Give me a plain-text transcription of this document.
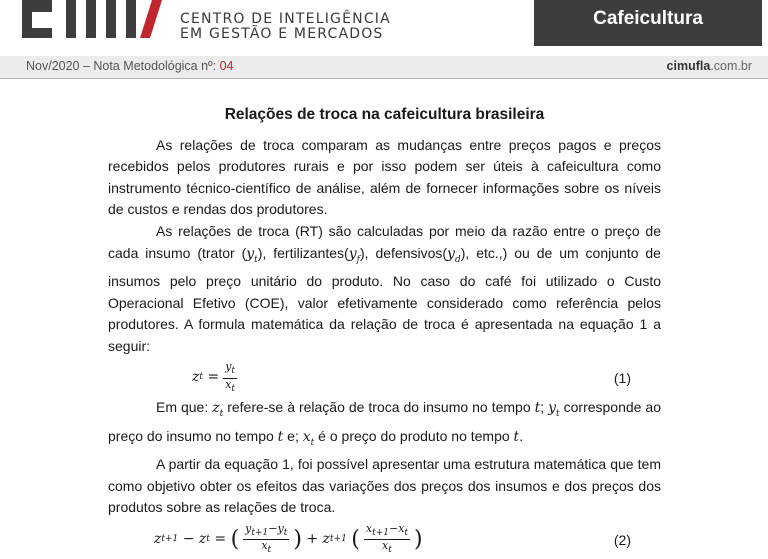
CENTRO DE INTELIGÊNCIA
EM GESTÃO E MERCADOS
Cafeicultura
Nov/2020 – Nota Metodológica nº: 04	cimufla.com.br
Relações de troca na cafeicultura brasileira

As relações de troca comparam as mudanças entre preços pagos e preços recebidos pelos produtores rurais e por isso podem ser úteis à cafeicultura como instrumento técnico-científico de análise, além de fornecer informações sobre os níveis de custos e rendas dos produtores.

As relações de troca (RT) são calculadas por meio da razão entre o preço de cada insumo (trator $(y_t)$, $fertilizantes(y_f)$, $defensivos(y_d)$, etc.,) ou de um conjunto de insumos pelo preço unitário do produto. No caso do café foi utilizado o Custo Operacional Efetivo (COE), valor efetivamente considerado como referência pelos produtores. A formula matemática da relação de troca é apresentada na equação 1 a seguir:

z $t = \frac{y_t}{x_t}$	(1)

Em que: $z_t$ refere-se à relação de troca do insumo no tempo t; $y_t$ corresponde ao preço do insumo no tempo t e; $x_t$ é o preço do produto no tempo t.

A partir da equação 1, foi possível apresentar uma estrutura matemática que tem como objetivo obter os efeitos das variações dos preços dos insumos e dos preços dos produtos sobre as relações de troca.

z t+1 − z t = ( $\frac{y_{t+1}-y_t}{x_t}$ ) + z t+1
( $\frac{x_{t+1}-x_t}{x_t}$ )	(2)
